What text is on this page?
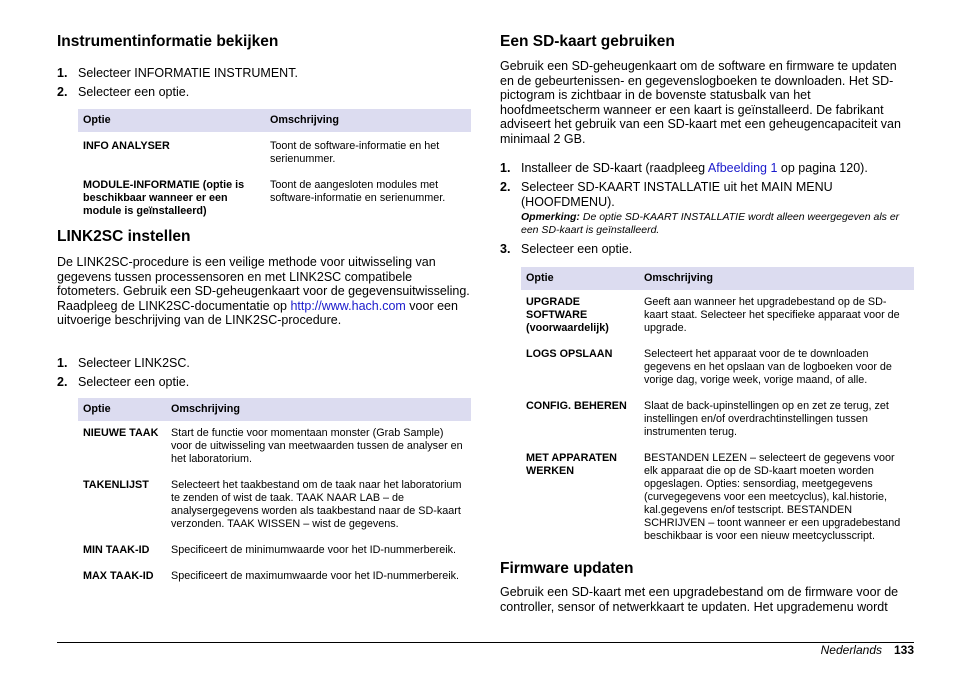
Instrumentinformatie bekijken
1. Selecteer INFORMATIE INSTRUMENT.
2. Selecteer een optie.
Optie	Omschrijving
INFO ANALYSER	Toont de software-informatie en het serienummer.
MODULE-INFORMATIE (optie is beschikbaar wanneer er een module is geïnstalleerd)	Toont de aangesloten modules met software-informatie en serienummer.
LINK2SC instellen

De LINK2SC-procedure is een veilige methode voor uitwisseling van gegevens tussen processensoren en met LINK2SC compatibele fotometers. Gebruik een SD-geheugenkaart voor de gegevensuitwisseling. Raadpleeg de LINK2SC-documentatie op http://www.hach.com voor een uitvoerige beschrijving van de LINK2SC-procedure.

1. Selecteer LINK2SC.
2. Selecteer een optie.
Optie	Omschrijving
NIEUWE TAAK	Start de functie voor momentaan monster (Grab Sample) voor de uitwisseling van meetwaarden tussen de analyser en het laboratorium.
TAKENLIJST	Selecteert het taakbestand om de taak naar het laboratorium te zenden of wist de taak. TAAK NAAR LAB – de analysergegevens worden als taakbestand naar de SD-kaart verzonden. TAAK WISSEN – wist de gegevens.
MIN TAAK-ID	Specificeert de minimumwaarde voor het ID-nummerbereik.
MAX TAAK-ID	Specificeert de maximumwaarde voor het ID-nummerbereik.
Een SD-kaart gebruiken

Gebruik een SD-geheugenkaart om de software en firmware te updaten en de gebeurtenissen- en gegevenslogboeken te downloaden. Het SD-pictogram is zichtbaar in de bovenste statusbalk van het hoofdmeetscherm wanneer er een kaart is geïnstalleerd. De fabrikant adviseert het gebruik van een SD-kaart met een geheugencapaciteit van minimaal 2 GB.

1. Installeer de SD-kaart (raadpleeg Afbeelding 1 op pagina 120).
2. Selecteer SD-KAART INSTALLATIE uit het MAIN MENU (HOOFDMENU).
Opmerking: De optie SD-KAART INSTALLATIE wordt alleen weergegeven als er een SD-kaart is geïnstalleerd.
3. Selecteer een optie.
Optie	Omschrijving
UPGRADE SOFTWARE (voorwaardelijk)	Geeft aan wanneer het upgradebestand op de SD-kaart staat. Selecteer het specifieke apparaat voor de upgrade.
LOGS OPSLAAN	Selecteert het apparaat voor de te downloaden gegevens en het opslaan van de logboeken voor de vorige dag, vorige week, vorige maand, of alle.
CONFIG. BEHEREN	Slaat de back-upinstellingen op en zet ze terug, zet instellingen en/of overdrachtinstellingen tussen instrumenten terug.
MET APPARATEN WERKEN	BESTANDEN LEZEN – selecteert de gegevens voor elk apparaat die op de SD-kaart moeten worden opgeslagen. Opties: sensordiag, meetgegevens (curvegegevens voor een meetcyclus), kal.historie, kal.gegevens en/of testscript. BESTANDEN SCHRIJVEN – toont wanneer er een upgradebestand beschikbaar is voor een nieuw meetcyclusscript.
Firmware updaten

Gebruik een SD-kaart met een upgradebestand om de firmware voor de controller, sensor of netwerkkaart te updaten. Het upgrademenu wordt

Nederlands 133
